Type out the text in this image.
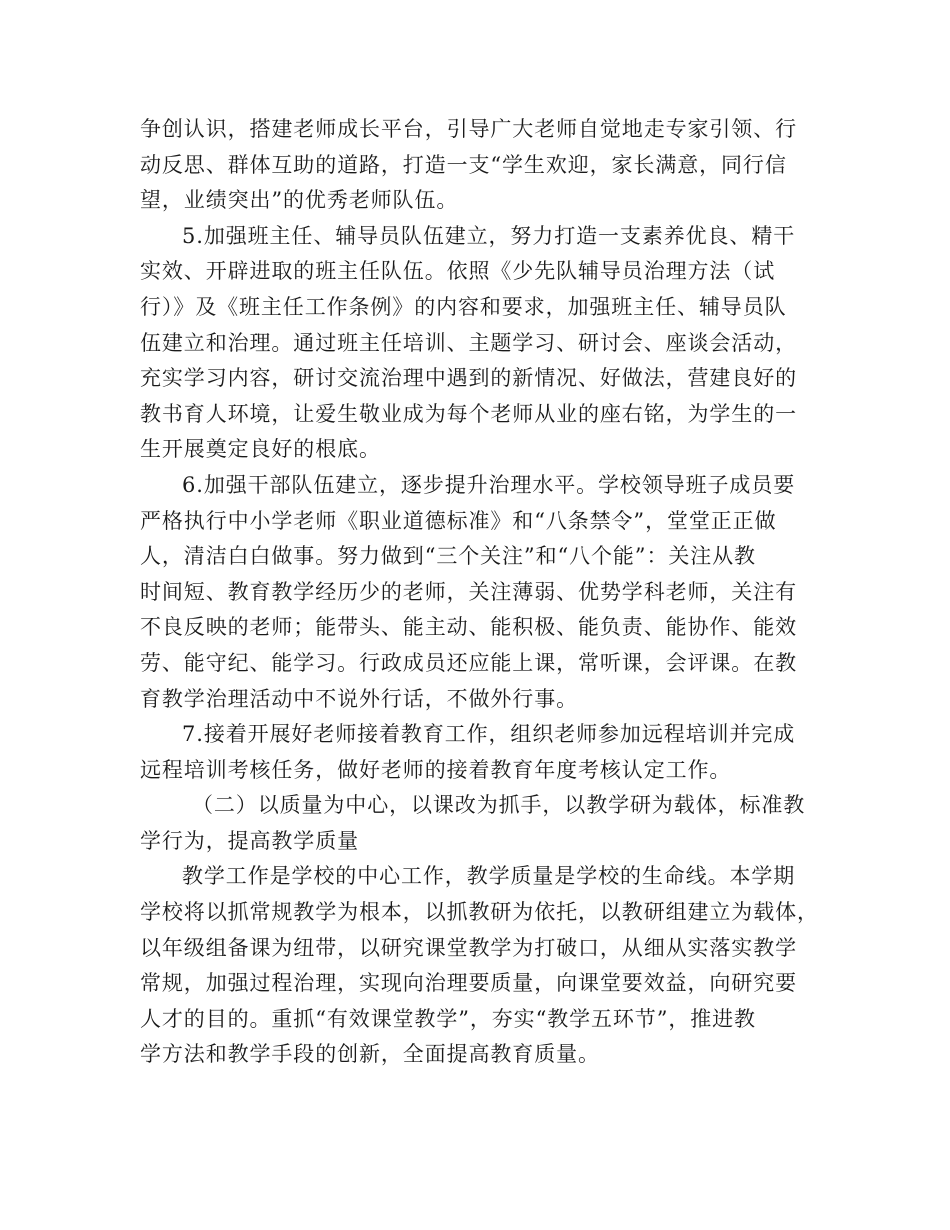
争创认识，搭建老师成长平台，引导广大老师自觉地走专家引领、行
动反思、群体互助的道路，打造一支“学生欢迎，家长满意，同行信
望，业绩突出”的优秀老师队伍。
5.加强班主任、辅导员队伍建立，努力打造一支素养优良、精干
实效、开辟进取的班主任队伍。依照《少先队辅导员治理方法（试
行）》及《班主任工作条例》的内容和要求，加强班主任、辅导员队
伍建立和治理。通过班主任培训、主题学习、研讨会、座谈会活动，
充实学习内容，研讨交流治理中遇到的新情况、好做法，营建良好的
教书育人环境，让爱生敬业成为每个老师从业的座右铭，为学生的一
生开展奠定良好的根底。
6.加强干部队伍建立，逐步提升治理水平。学校领导班子成员要
严格执行中小学老师《职业道德标准》和“八条禁令”，堂堂正正做
人，清洁白白做事。努力做到“三个关注”和“八个能”：关注从教
时间短、教育教学经历少的老师，关注薄弱、优势学科老师，关注有
不良反映的老师；能带头、能主动、能积极、能负责、能协作、能效
劳、能守纪、能学习。行政成员还应能上课，常听课，会评课。在教
育教学治理活动中不说外行话，不做外行事。
7.接着开展好老师接着教育工作，组织老师参加远程培训并完成
远程培训考核任务，做好老师的接着教育年度考核认定工作。
（二）以质量为中心，以课改为抓手，以教学研为载体，标准教
学行为，提高教学质量
教学工作是学校的中心工作，教学质量是学校的生命线。本学期
学校将以抓常规教学为根本，以抓教研为依托，以教研组建立为载体，
以年级组备课为纽带，以研究课堂教学为打破口，从细从实落实教学
常规，加强过程治理，实现向治理要质量，向课堂要效益，向研究要
人才的目的。重抓“有效课堂教学”，夯实“教学五环节”，推进教
学方法和教学手段的创新，全面提高教育质量。
